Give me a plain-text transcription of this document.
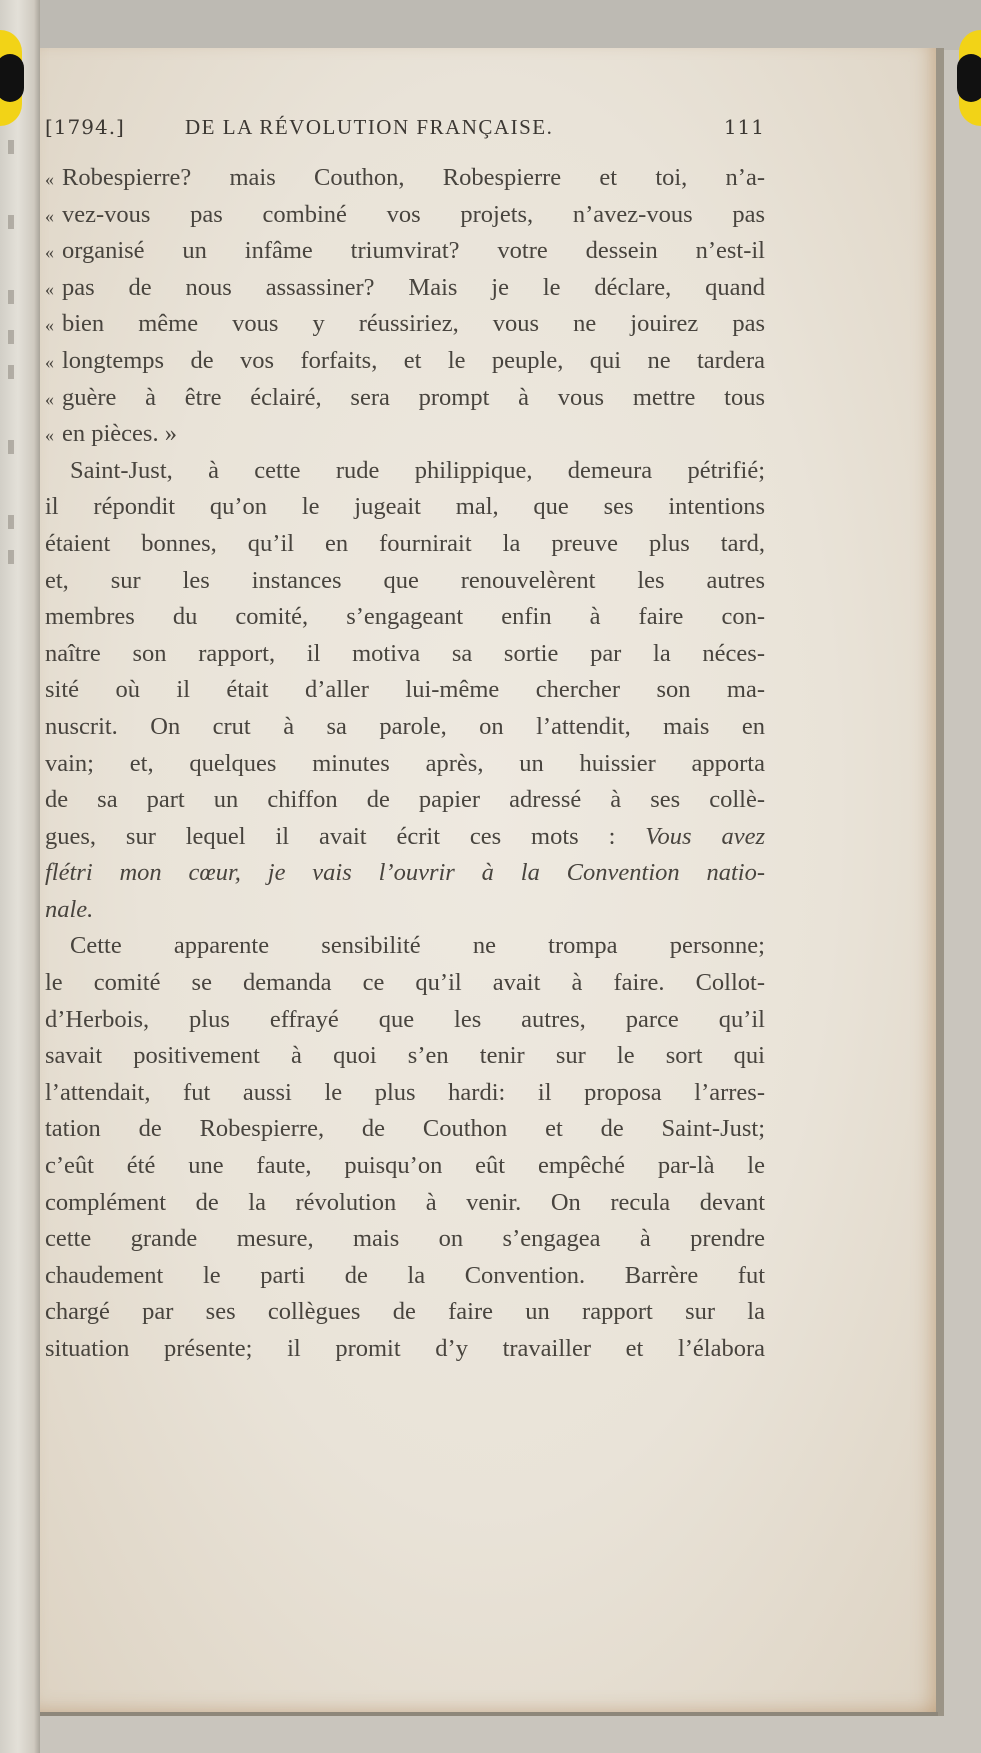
[1794.]	DE LA RÉVOLUTION FRANÇAISE.	111
« Robespierre? mais Couthon, Robespierre et toi, n’a-
« vez-vous pas combiné vos projets, n’avez-vous pas
« organisé un infâme triumvirat? votre dessein n’est-il
« pas de nous assassiner? Mais je le déclare, quand
« bien même vous y réussiriez, vous ne jouirez pas
« longtemps de vos forfaits, et le peuple, qui ne tardera
« guère à être éclairé, sera prompt à vous mettre tous
« en pièces. »
Saint-Just, à cette rude philippique, demeura pétrifié;
il répondit qu’on le jugeait mal, que ses intentions
étaient bonnes, qu’il en fournirait la preuve plus tard,
et, sur les instances que renouvelèrent les autres
membres du comité, s’engageant enfin à faire con-
naître son rapport, il motiva sa sortie par la néces-
sité où il était d’aller lui-même chercher son ma-
nuscrit. On crut à sa parole, on l’attendit, mais en
vain; et, quelques minutes après, un huissier apporta
de sa part un chiffon de papier adressé à ses collè-
gues, sur lequel il avait écrit ces mots : Vous avez
flétri mon cœur, je vais l’ouvrir à la Convention natio-
nale.
Cette apparente sensibilité ne trompa personne;
le comité se demanda ce qu’il avait à faire. Collot-
d’Herbois, plus effrayé que les autres, parce qu’il
savait positivement à quoi s’en tenir sur le sort qui
l’attendait, fut aussi le plus hardi: il proposa l’arres-
tation de Robespierre, de Couthon et de Saint-Just;
c’eût été une faute, puisqu’on eût empêché par-là le
complément de la révolution à venir. On recula devant
cette grande mesure, mais on s’engagea à prendre
chaudement le parti de la Convention. Barrère fut
chargé par ses collègues de faire un rapport sur la
situation présente; il promit d’y travailler et l’élabora
